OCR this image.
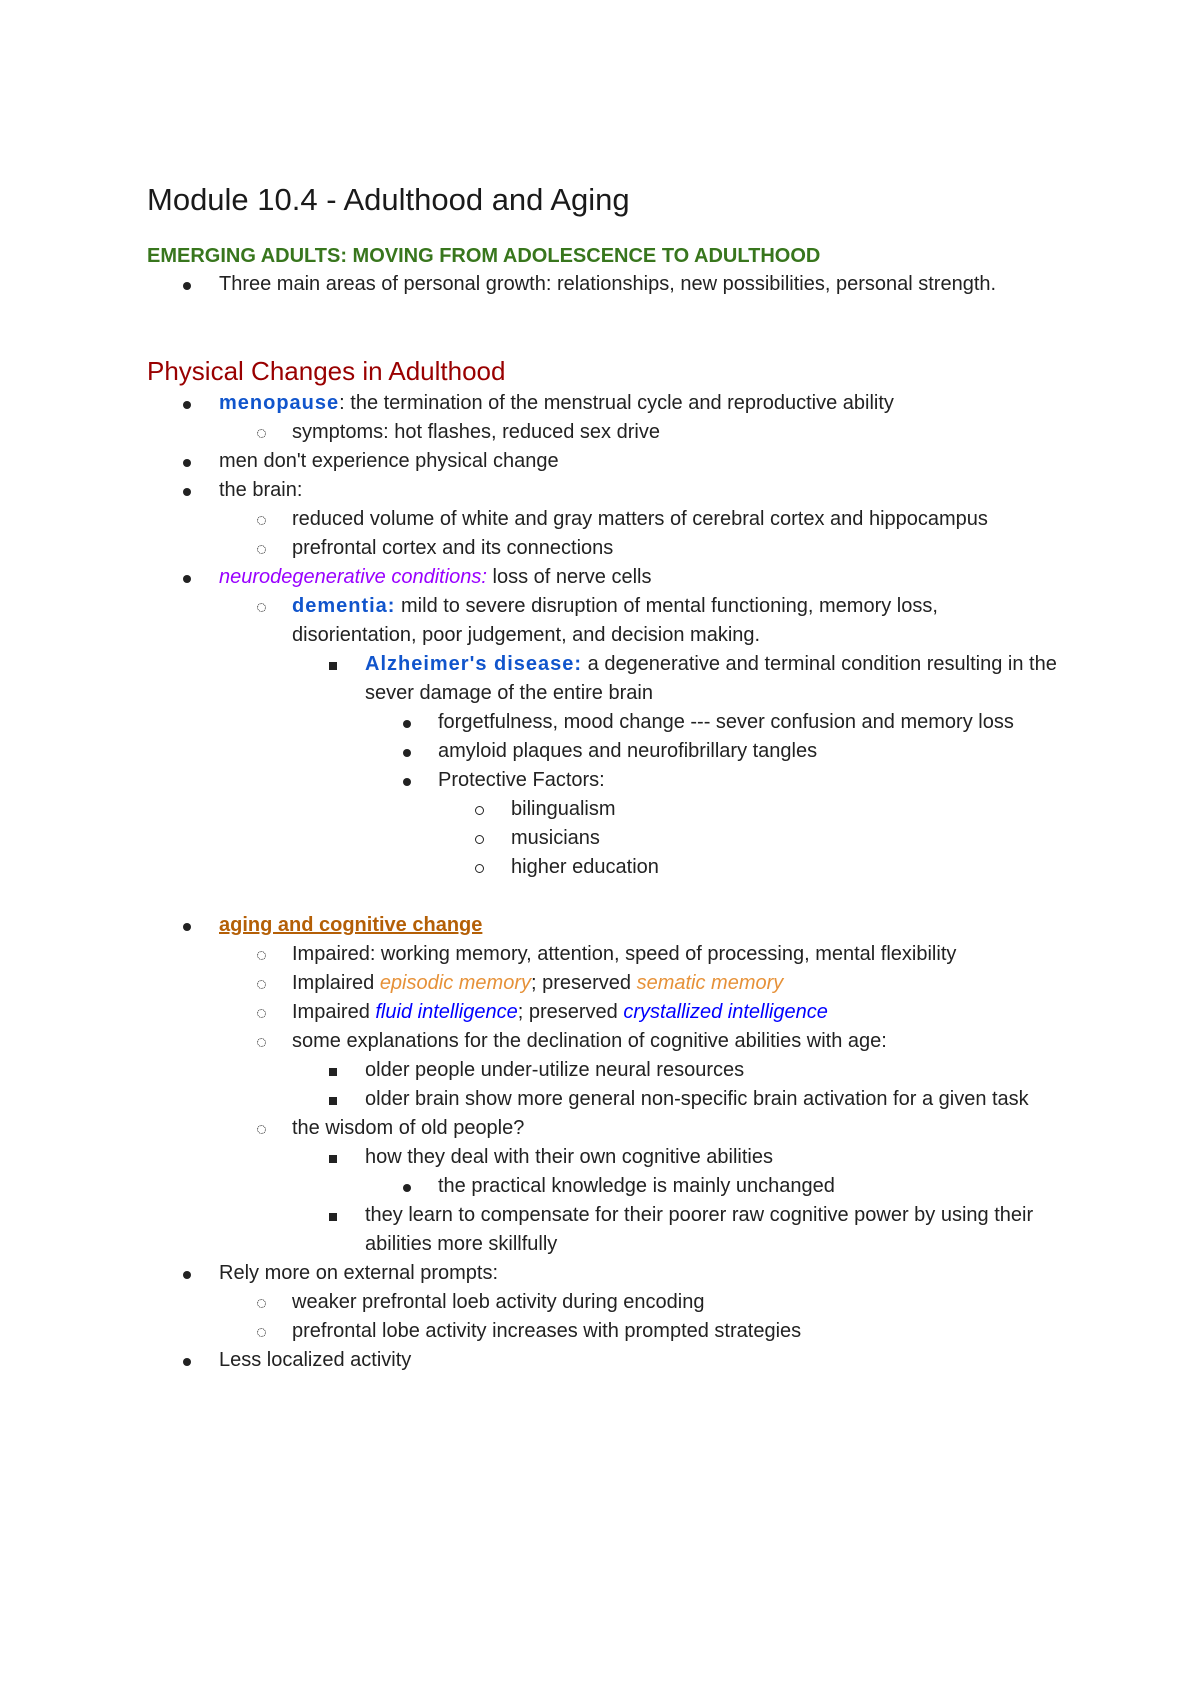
Module 10.4 - Adulthood and Aging
EMERGING ADULTS: MOVING FROM ADOLESCENCE TO ADULTHOOD
Three main areas of personal growth: relationships, new possibilities, personal strength.
Physical Changes in Adulthood
menopause: the termination of the menstrual cycle and reproductive ability
symptoms: hot flashes, reduced sex drive
men don't experience physical change
the brain:
reduced volume of white and gray matters of cerebral cortex and hippocampus
prefrontal cortex and its connections
neurodegenerative conditions: loss of nerve cells
dementia: mild to severe disruption of mental functioning, memory loss, disorientation, poor judgement, and decision making.
Alzheimer's disease: a degenerative and terminal condition resulting in the sever damage of the entire brain
forgetfulness, mood change --- sever confusion and memory loss
amyloid plaques and neurofibrillary tangles
Protective Factors:
bilingualism
musicians
higher education
aging and cognitive change
Impaired: working memory, attention, speed of processing, mental flexibility
Implaired episodic memory; preserved sematic memory
Impaired fluid intelligence; preserved crystallized intelligence
some explanations for the declination of cognitive abilities with age:
older people under-utilize neural resources
older brain show more general non-specific brain activation for a given task
the wisdom of old people?
how they deal with their own cognitive abilities
the practical knowledge is mainly unchanged
they learn to compensate for their poorer raw cognitive power by using their abilities more skillfully
Rely more on external prompts:
weaker prefrontal loeb activity during encoding
prefrontal lobe activity increases with prompted strategies
Less localized activity
